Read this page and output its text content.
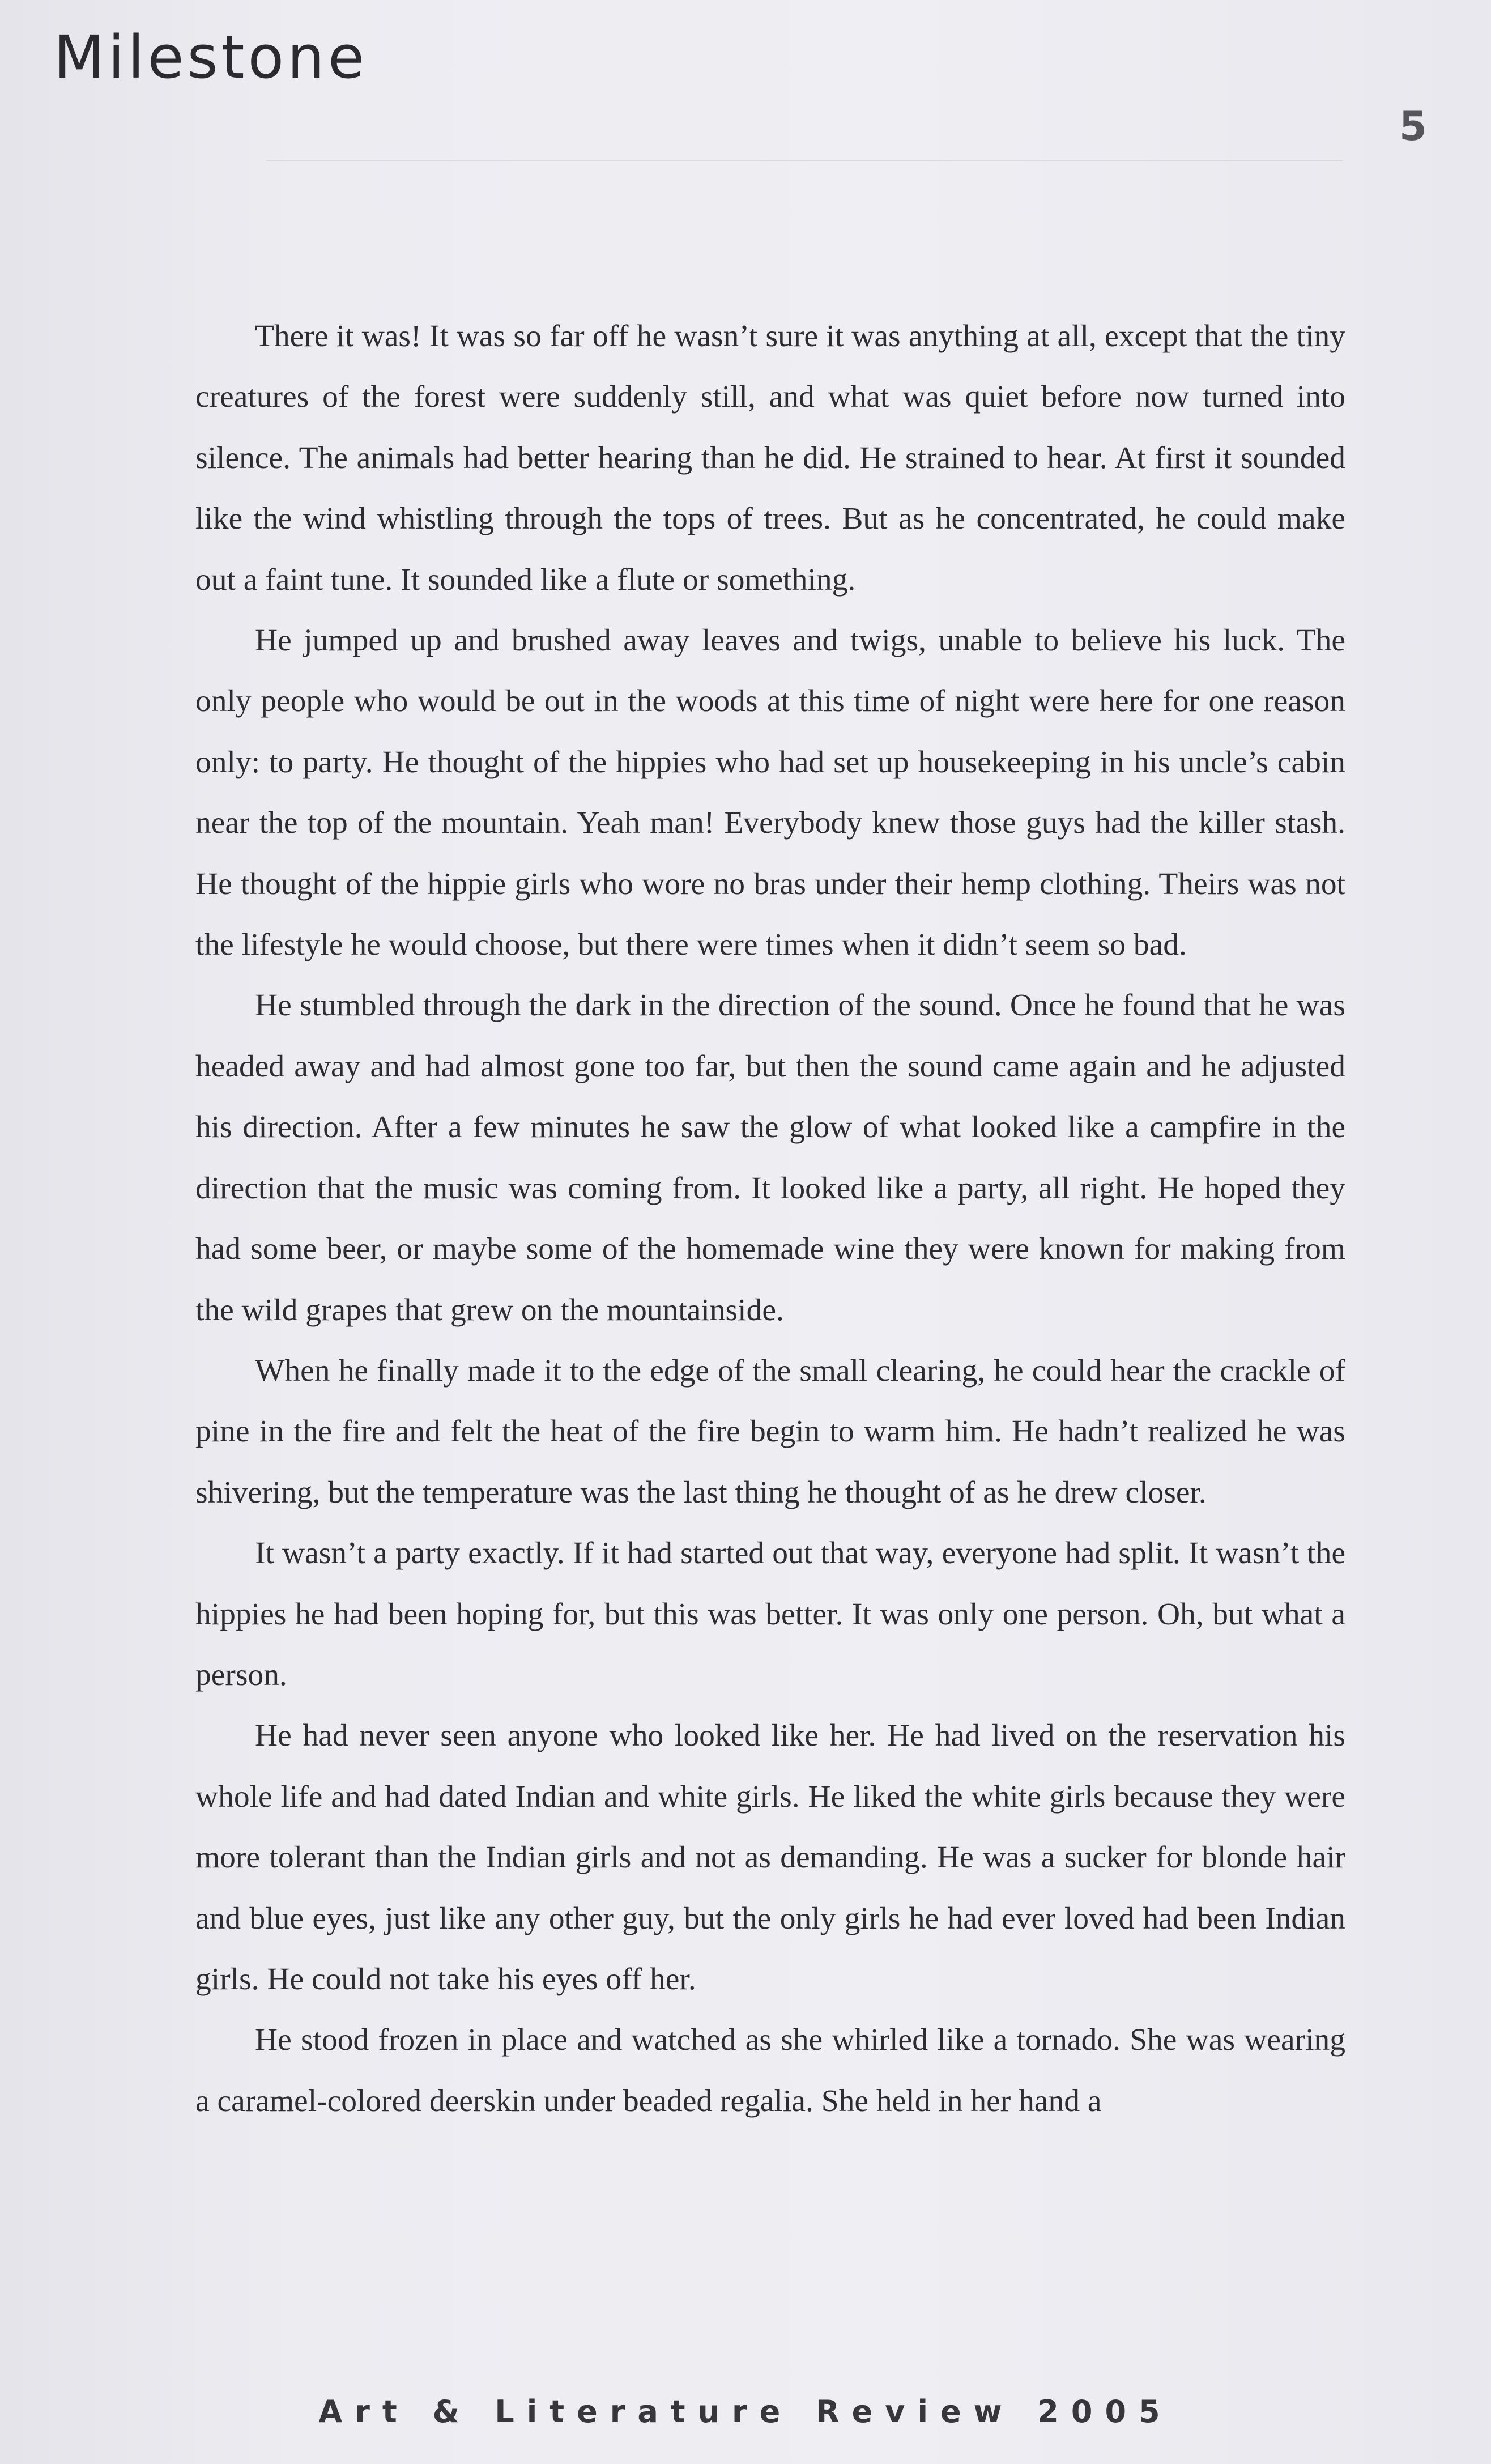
Milestone
5

There it was! It was so far off he wasn’t sure it was anything at all, except that the tiny creatures of the forest were suddenly still, and what was quiet before now turned into silence. The animals had better hearing than he did. He strained to hear. At first it sounded like the wind whistling through the tops of trees. But as he concentrated, he could make out a faint tune. It sounded like a flute or something.

He jumped up and brushed away leaves and twigs, unable to believe his luck. The only people who would be out in the woods at this time of night were here for one reason only: to party. He thought of the hippies who had set up housekeeping in his uncle’s cabin near the top of the mountain. Yeah man! Everybody knew those guys had the killer stash. He thought of the hippie girls who wore no bras under their hemp clothing. Theirs was not the lifestyle he would choose, but there were times when it didn’t seem so bad.

He stumbled through the dark in the direction of the sound. Once he found that he was headed away and had almost gone too far, but then the sound came again and he adjusted his direction. After a few minutes he saw the glow of what looked like a campfire in the direction that the music was coming from. It looked like a party, all right. He hoped they had some beer, or maybe some of the homemade wine they were known for making from the wild grapes that grew on the mountainside.

When he finally made it to the edge of the small clearing, he could hear the crackle of pine in the fire and felt the heat of the fire begin to warm him. He hadn’t realized he was shivering, but the temperature was the last thing he thought of as he drew closer.

It wasn’t a party exactly. If it had started out that way, everyone had split. It wasn’t the hippies he had been hoping for, but this was better. It was only one person. Oh, but what a person.

He had never seen anyone who looked like her. He had lived on the reservation his whole life and had dated Indian and white girls. He liked the white girls because they were more tolerant than the Indian girls and not as demanding. He was a sucker for blonde hair and blue eyes, just like any other guy, but the only girls he had ever loved had been Indian girls. He could not take his eyes off her.

He stood frozen in place and watched as she whirled like a tornado. She was wearing a caramel-colored deerskin under beaded regalia. She held in her hand a

Art & Literature Review 2005
